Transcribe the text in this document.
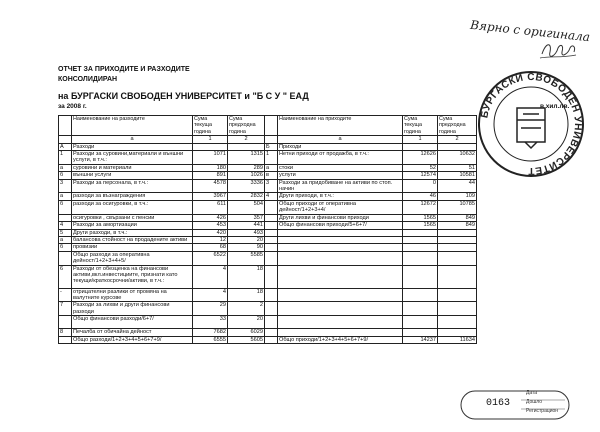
Вярно с оригинала
БУРГАСКИ СВОБОДЕН УНИВЕРСИТЕТ
ОТЧЕТ ЗА ПРИХОДИТЕ И РАЗХОДИТЕ
КОНСОЛИДИРАН
на БУРГАСКИ СВОБОДЕН УНИВЕРСИТЕТ и "Б С У " ЕАД
за 2008 г.	в хил.лв.
	Наименование на разходите	Сума текуща година	Сума предходна година		Наименование на приходите	Сума текуща година	Сума предходна година
	а	1	2		а	1	2
А	Разходи			Б	Приходи		
1	Разходи за суровини,материали и външни услуги, в т.ч.:	1071	1315	1	Нетни приходи от продажба, в т.ч.:	12626	10632
а	суровини и материали	180	289	а	стоки	52	51
б	външни услуги	891	1026	в	услуги	12574	10581
3	Разходи за персонала, в т.ч.:	4578	3336	3	Разходи за придобиване на активи по стоп. начин	0	44
а	разходи за възнаграждения	3967	2832	4	Други приходи, в т.ч.:	46	109
б	разходи за осигуровки, в т.ч.:	611	504		Общо приходи от оперативна дейност/1+2+3+4/	12672	10785
	осигуровки , свързани с пенсии	426	357		Други лихви и финансови приходи	1565	849
4	Разходи за амортизации	453	441		Общо финансови приходи/5+6+7/	1565	849
5	Други разходи, в т.ч.:	420	493				
а	балансова стойност на продадените активи	12	20				
б	провизии	68	90				
	Общо разходи за оперативна дейност/1+2+3+4+5/	6522	5585				
6	Разходи от обезценка на финансови активи,вкл.инвестициите, признати като текущи/краткосрочни/активи, в т.ч.:	4	18				
-	отрицателни разлики от промяна на валутните курсове	4	18				
7	Разходи за лихви и други финансови разходи	29	2				
	Общо финансови разходи/6+7/	33	20				
8	Печалба от обичайна дейност	7682	6029				
	Общо разходи/1+2+3+4+5+6+7+9/	6555	5605		Общо приходи/1+2+3+4+5+6+7+9/	14237	11634
0163
Дата
Дошло
Регистрацион
